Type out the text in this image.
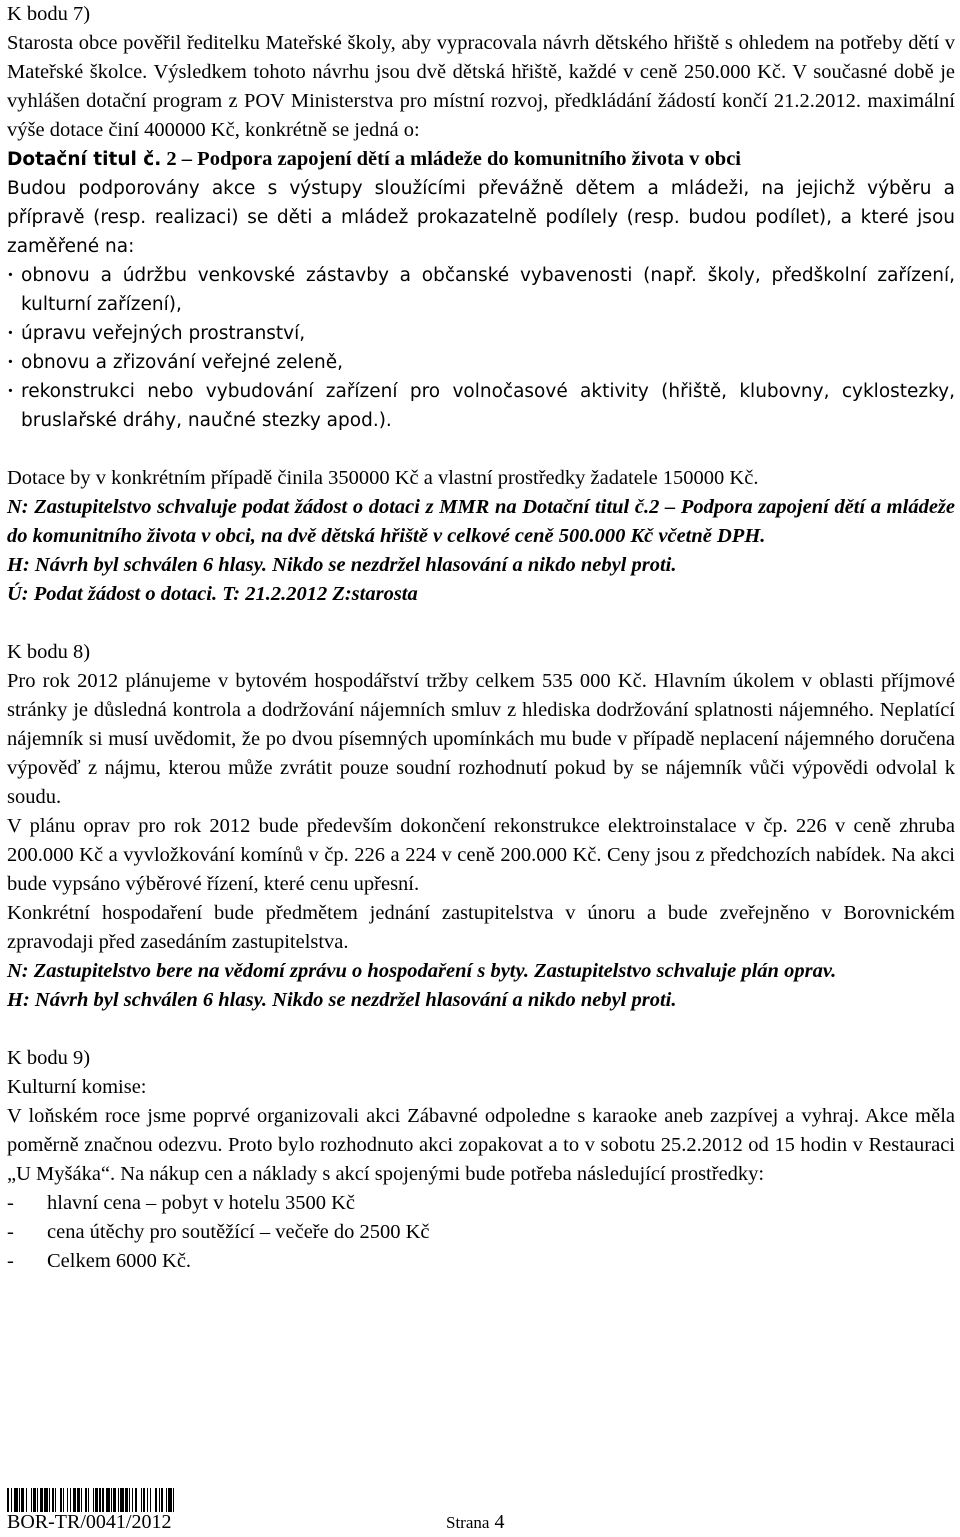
K bodu 7)

Starosta obce pověřil ředitelku Mateřské školy, aby vypracovala návrh dětského hřiště s ohledem na potřeby dětí v Mateřské školce. Výsledkem tohoto návrhu jsou dvě dětská hřiště, každé v ceně 250.000 Kč. V současné době je vyhlášen dotační program z POV Ministerstva pro místní rozvoj, předkládání žádostí končí 21.2.2012. maximální výše dotace činí 400000 Kč, konkrétně se jedná o:

Dotační titul č. 2 – Podpora zapojení dětí a mládeže do komunitního života v obci

Budou podporovány akce s výstupy sloužícími převážně dětem a mládeži, na jejichž výběru a přípravě (resp. realizaci) se děti a mládež prokazatelně podílely (resp. budou podílet), a které jsou zaměřené na:

· obnovu a údržbu venkovské zástavby a občanské vybavenosti (např. školy, předškolní zařízení, kulturní zařízení),
· úpravu veřejných prostranství,
· obnovu a zřizování veřejné zeleně,
· rekonstrukci nebo vybudování zařízení pro volnočasové aktivity (hřiště, klubovny, cyklostezky, bruslařské dráhy, naučné stezky apod.).

Dotace by v konkrétním případě činila 350000 Kč a vlastní prostředky žadatele 150000 Kč.

N: Zastupitelstvo schvaluje podat žádost o dotaci z MMR na Dotační titul č.2 – Podpora zapojení dětí a mládeže do komunitního života v obci, na dvě dětská hřiště v celkové ceně 500.000 Kč včetně DPH.

H: Návrh byl schválen 6 hlasy. Nikdo se nezdržel hlasování a nikdo nebyl proti.

Ú: Podat žádost o dotaci. T: 21.2.2012 Z:starosta

K bodu 8)

Pro rok 2012 plánujeme v bytovém hospodářství tržby celkem 535 000 Kč. Hlavním úkolem v oblasti příjmové stránky je důsledná kontrola a dodržování nájemních smluv z hlediska dodržování splatnosti nájemného. Neplatící nájemník si musí uvědomit, že po dvou písemných upomínkách mu bude v případě neplacení nájemného doručena výpověď z nájmu, kterou může zvrátit pouze soudní rozhodnutí pokud by se nájemník vůči výpovědi odvolal k soudu.

V plánu oprav pro rok 2012 bude především dokončení rekonstrukce elektroinstalace v čp. 226 v ceně zhruba 200.000 Kč a vyvložkování komínů v čp. 226 a 224 v ceně 200.000 Kč. Ceny jsou z předchozích nabídek. Na akci bude vypsáno výběrové řízení, které cenu upřesní.

Konkrétní hospodaření bude předmětem jednání zastupitelstva v únoru a bude zveřejněno v Borovnickém zpravodaji před zasedáním zastupitelstva.

N: Zastupitelstvo bere na vědomí zprávu o hospodaření s byty. Zastupitelstvo schvaluje plán oprav.

H: Návrh byl schválen 6 hlasy. Nikdo se nezdržel hlasování a nikdo nebyl proti.

K bodu 9)

Kulturní komise:

V loňském roce jsme poprvé organizovali akci Zábavné odpoledne s karaoke aneb zazpívej a vyhraj. Akce měla poměrně značnou odezvu. Proto bylo rozhodnuto akci zopakovat a to v sobotu 25.2.2012 od 15 hodin v Restauraci „U Myšáka“. Na nákup cen a náklady s akcí spojenými bude potřeba následující prostředky:

-	hlavní cena – pobyt v hotelu 3500 Kč
-	cena útěchy pro soutěžící – večeře do 2500 Kč
-	Celkem 6000 Kč.
BOR-TR/0041/2012	Strana 4
